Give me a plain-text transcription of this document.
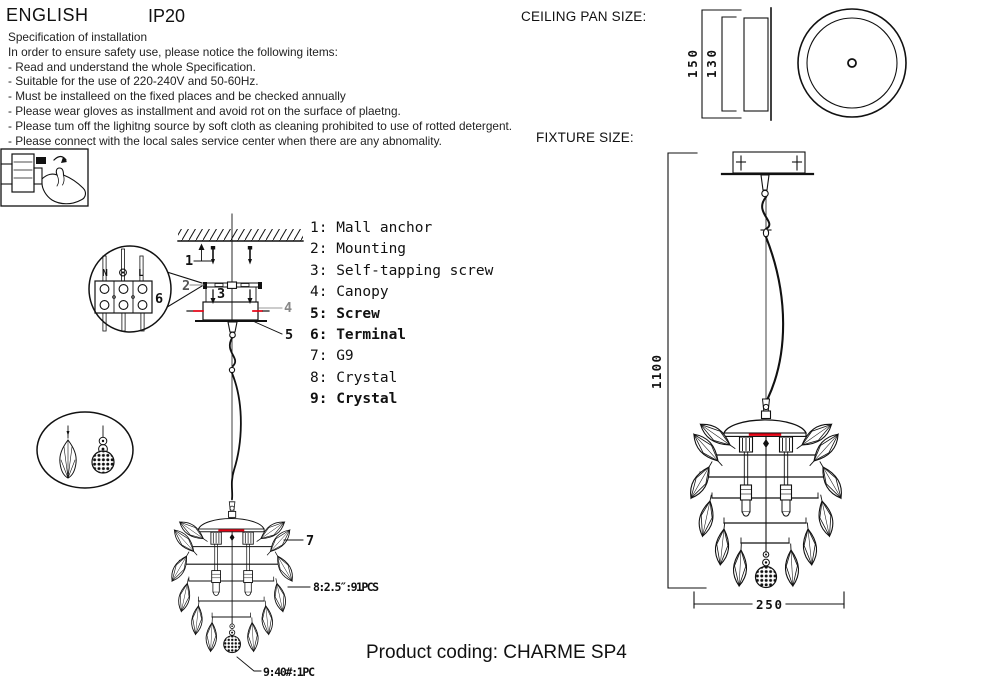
150
130
1100
250
N	L
1
2 3
4
5
6
7
8:2.5″:91PCS
9:40#:1PC
ENGLISH	IP20
Specification of installation
In order to ensure safety use, please notice the following items:
- Read and understand the whole Specification.
- Suitable for the use of 220-240V and 50-60Hz.
- Must be installeed on the fixed places and be checked annually
- Please wear gloves as installment and avoid rot on the surface of plaetng.
- Please tum off the lighitng source by soft cloth as cleaning prohibited to use of rotted detergent.
- Please connect with the local sales service center when there are any abnomality.
CEILING PAN SIZE:
FIXTURE SIZE:
1: Mall anchor
2: Mounting
3: Self-tapping screw
4: Canopy
5: Screw
6: Terminal
7: G9
8: Crystal
9: Crystal
Product coding: CHARME SP4
